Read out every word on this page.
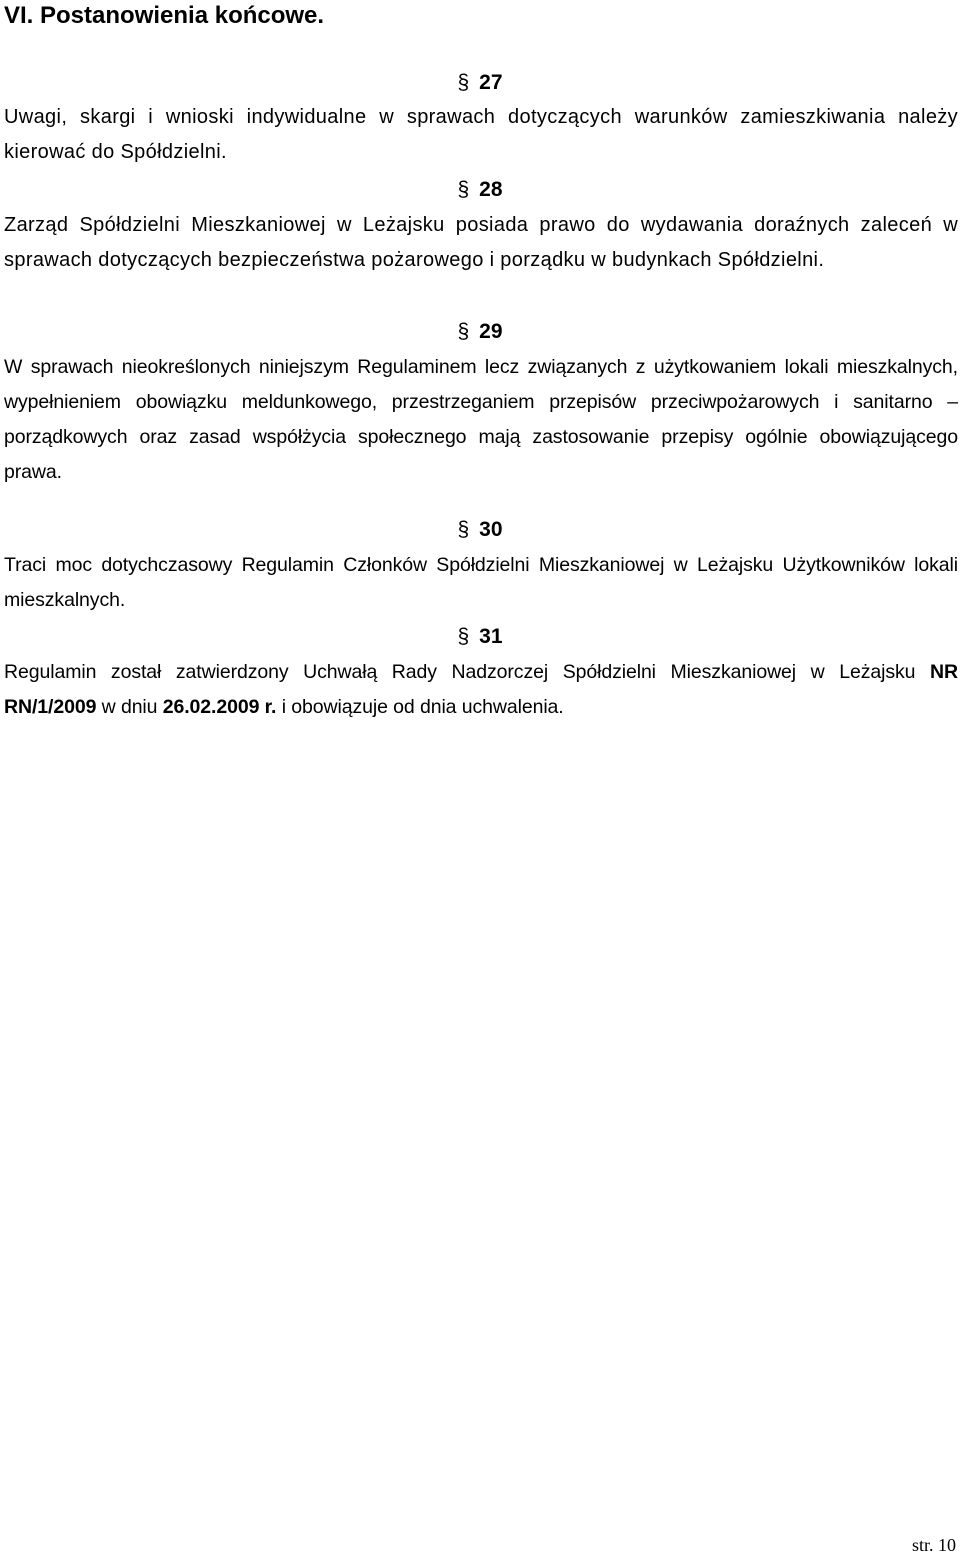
VI. Postanowienia końcowe.
§ 27

Uwagi, skargi i wnioski indywidualne w sprawach dotyczących warunków zamieszkiwania należy kierować do Spółdzielni.

§ 28

Zarząd Spółdzielni Mieszkaniowej w Leżajsku posiada prawo do wydawania doraźnych zaleceń w sprawach dotyczących bezpieczeństwa pożarowego i porządku w budynkach Spółdzielni.

§ 29

W sprawach nieokreślonych niniejszym Regulaminem lecz związanych z użytkowaniem lokali mieszkalnych, wypełnieniem obowiązku meldunkowego, przestrzeganiem przepisów przeciwpożarowych i sanitarno – porządkowych oraz zasad współżycia społecznego mają zastosowanie przepisy ogólnie obowiązującego prawa.

§ 30

Traci moc dotychczasowy Regulamin Członków Spółdzielni Mieszkaniowej w Leżajsku Użytkowników lokali mieszkalnych.

§ 31

Regulamin został zatwierdzony Uchwałą Rady Nadzorczej Spółdzielni Mieszkaniowej w Leżajsku NR RN/1/2009 w dniu 26.02.2009 r. i obowiązuje od dnia uchwalenia.

str. 10
